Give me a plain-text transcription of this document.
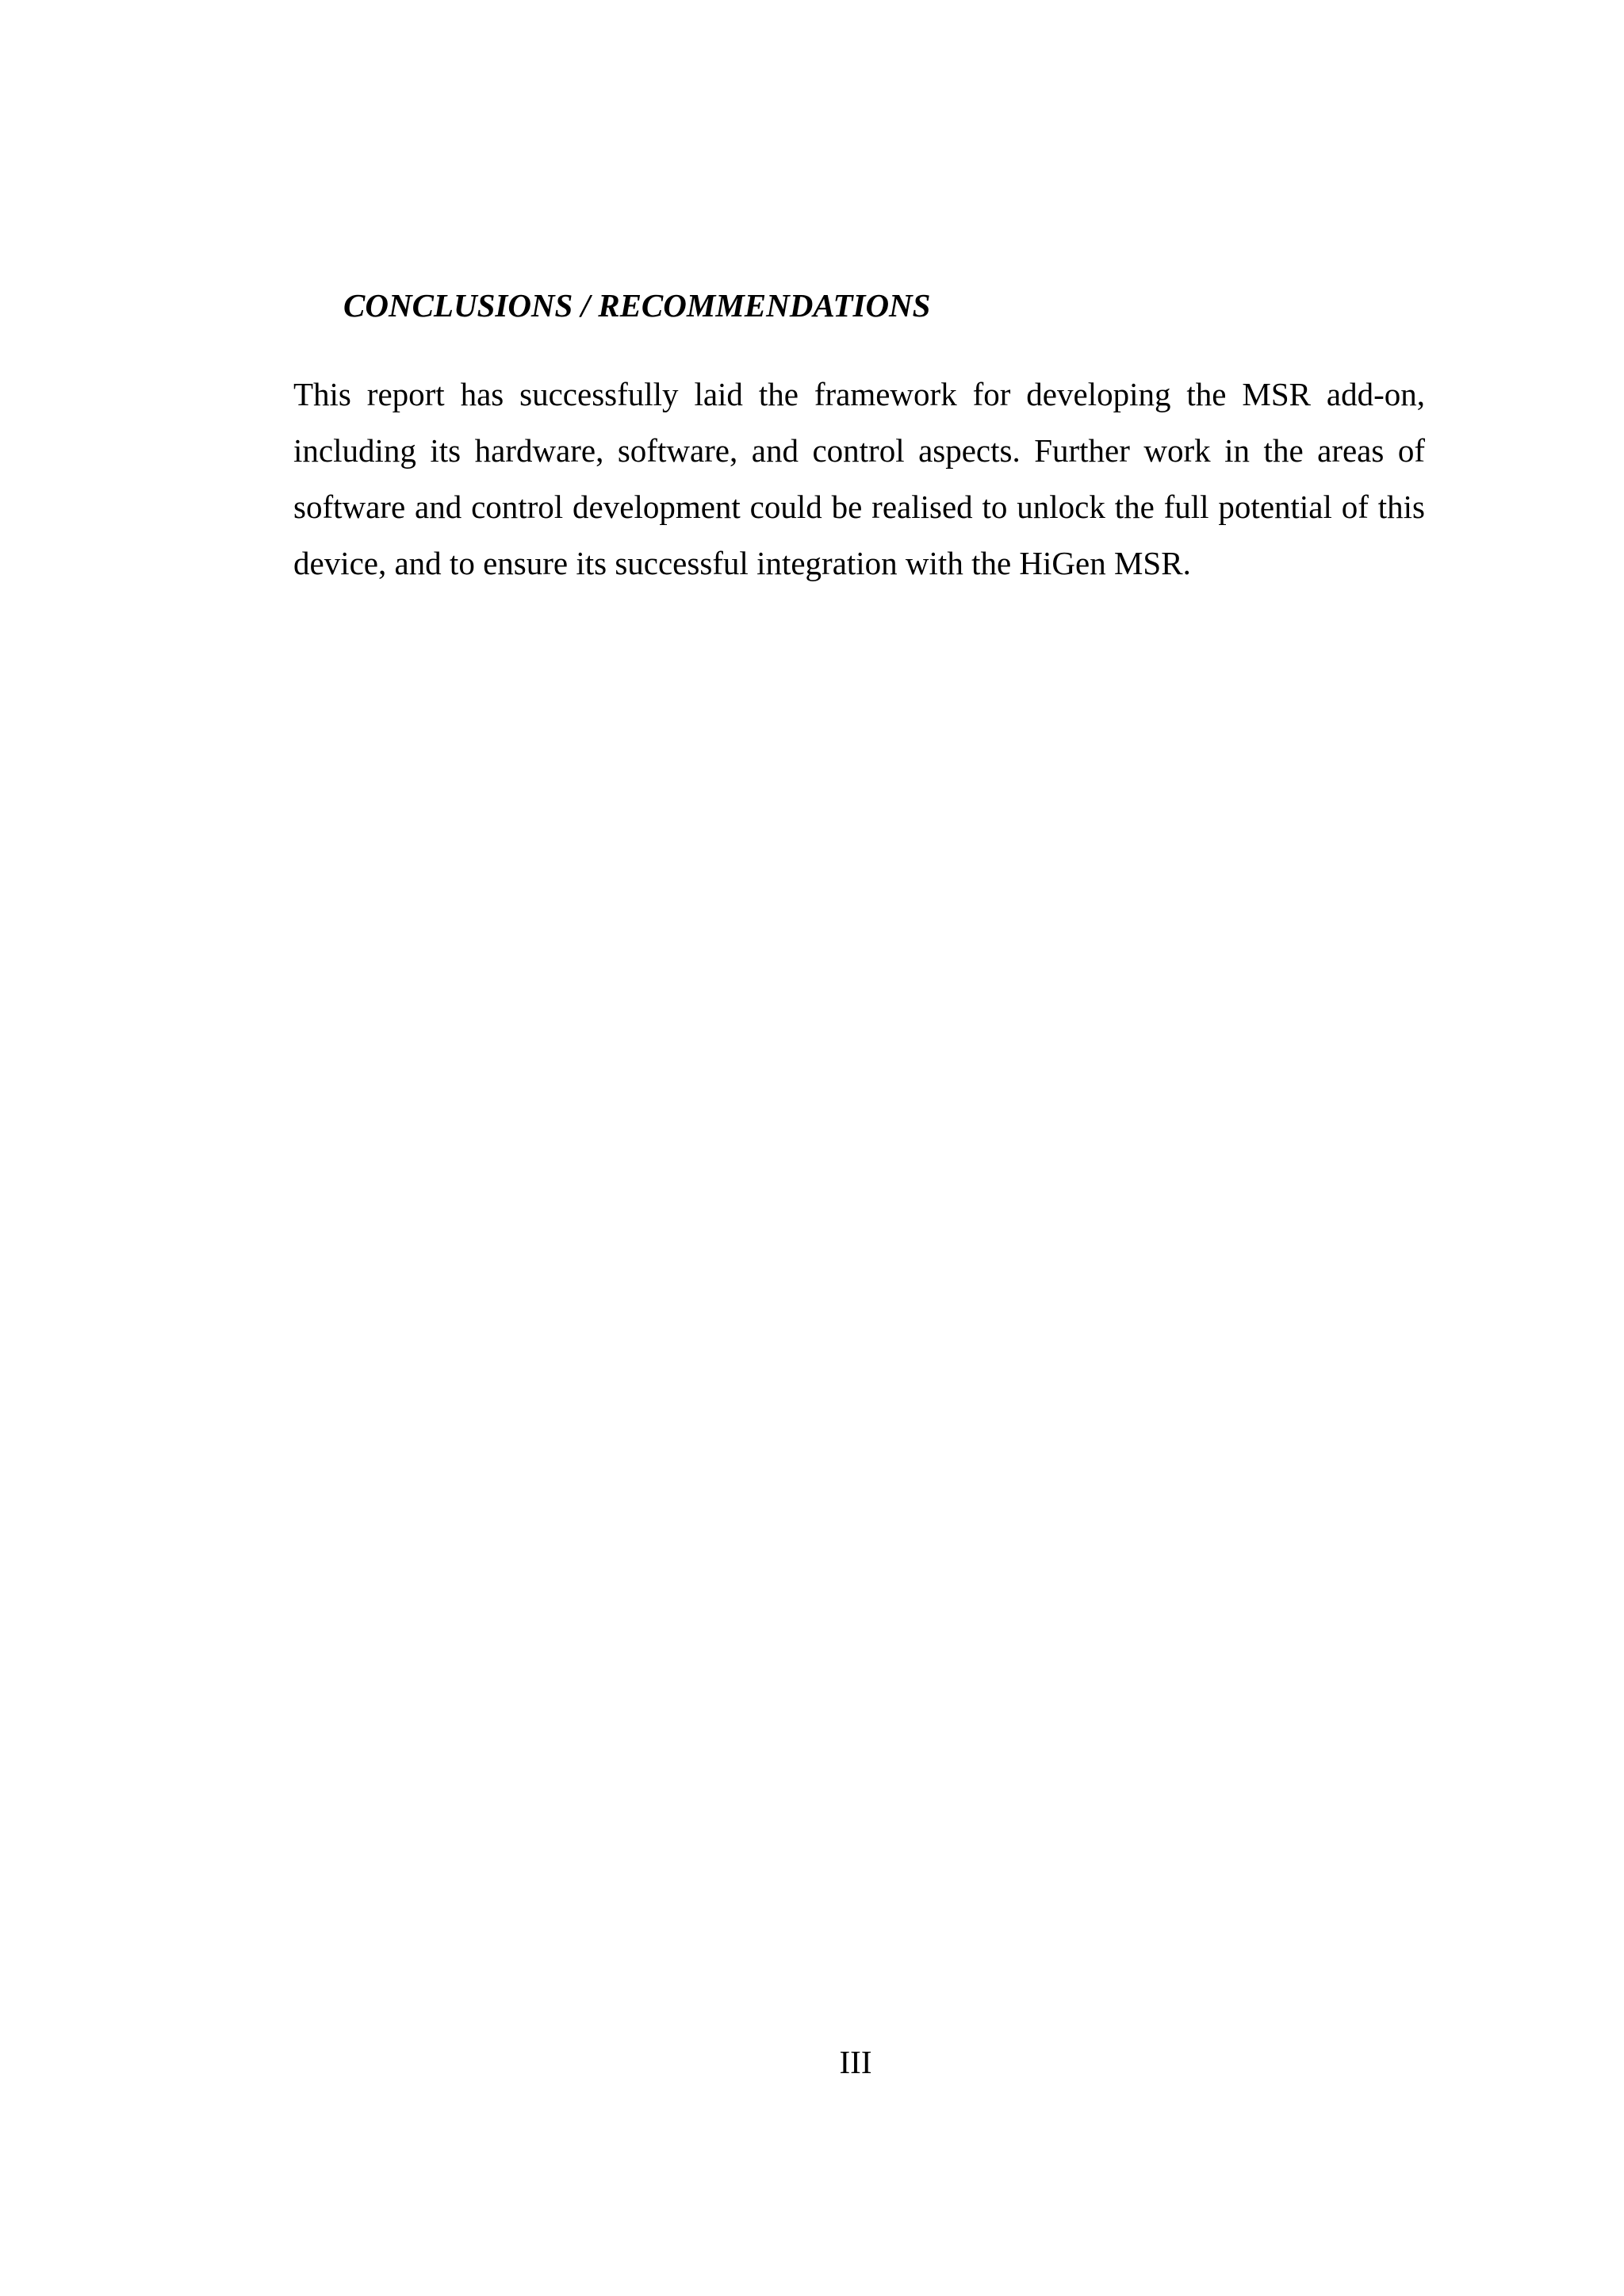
CONCLUSIONS / RECOMMENDATIONS

This report has successfully laid the framework for developing the MSR add-on, including its hardware, software, and control aspects. Further work in the areas of software and control development could be realised to unlock the full potential of this device, and to ensure its successful integration with the HiGen MSR.

III
